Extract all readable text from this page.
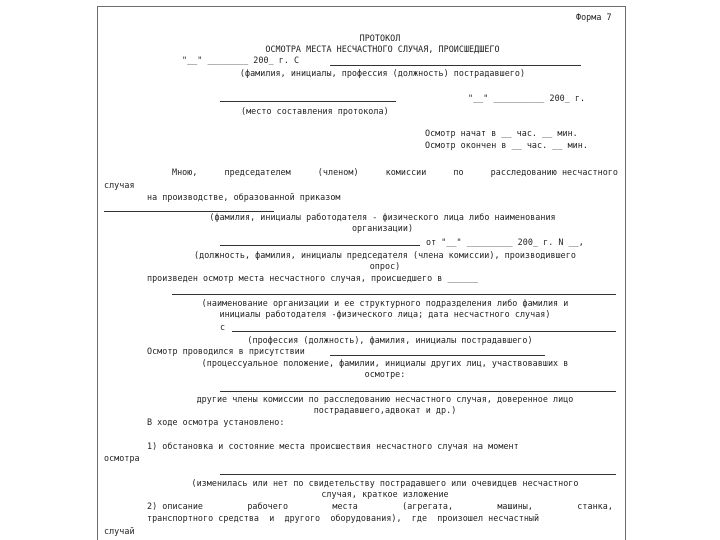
Форма 7
ПРОТОКОЛ
ОСМОТРА МЕСТА НЕСЧАСТНОГО СЛУЧАЯ, ПРОИСШЕДШЕГО
"__" ________ 200_ г. С
(фамилия, инициалы, профессия (должность) пострадавшего)
"__" __________ 200_ г.
(место составления протокола)
Осмотр начат в __ час. __ мин.
Осмотр окончен в __ час. __ мин.
Мною,	председателем	(членом)	комиссии	по	расследованию несчастного
случая
на производстве, образованной приказом
(фамилия, инициалы работодателя - физического лица либо наименования
организации)
от "__" _________ 200_ г. N __,
(должность, фамилия, инициалы председателя (члена комиссии), производившего
опрос)
произведен осмотр места несчастного случая, происшедшего в ______
(наименование организации и ее структурного подразделения либо фамилия и
инициалы работодателя -физического лица; дата несчастного случая)
с
(профессия (должность), фамилия, инициалы пострадавшего)
Осмотр проводился в присутствии
(процессуальное положение, фамилии, инициалы других лиц, участвовавших в
осмотре:
другие члены комиссии по расследованию несчастного случая, доверенное лицо
пострадавшего,адвокат и др.)
В ходе осмотра установлено:
1) обстановка и состояние места происшествия несчастного случая на момент
осмотра
(изменилась или нет по свидетельству пострадавшего или очевидцев несчастного
случая, краткое изложение
2) описание	рабочего	места	(агрегата,	машины,	станка,
транспортного средства  и  другого  оборудования),  где  произошел несчастный
случай
